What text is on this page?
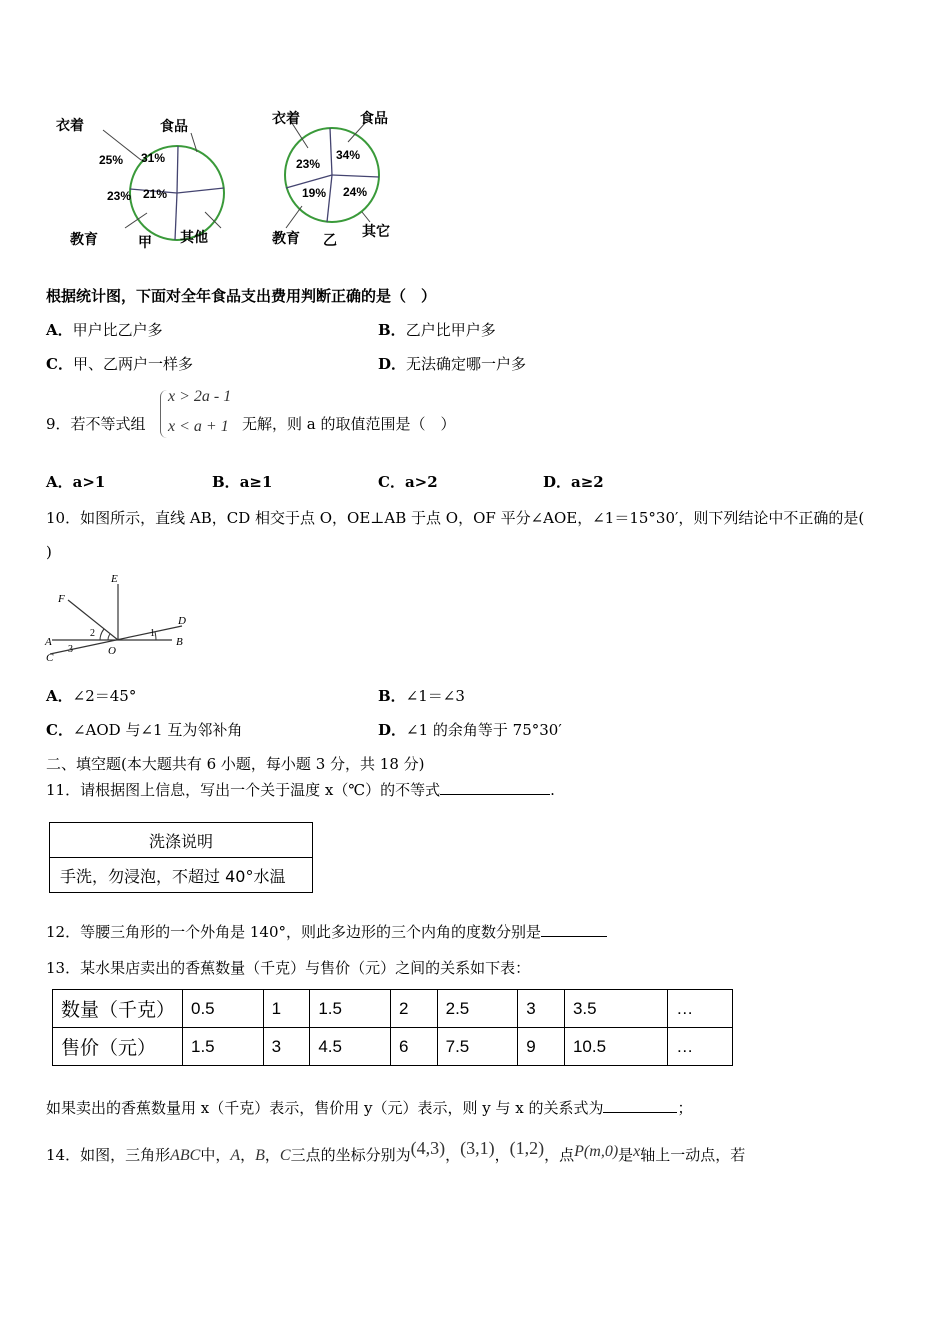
衣着	食品
教育	其他
甲
25% 31%
23% 21%
衣着	食品
教育	其它
乙
23%
34%
19% 24%
根据统计图，下面对全年食品支出费用判断正确的是（　）
A．甲户比乙户多	B．乙户比甲户多
C．甲、乙两户一样多	D．无法确定哪一户多
9．若不等式组
x > 2a - 1
x < a + 1 无解，则 a 的取值范围是（　）
A．a>1	B．a≥1	C．a>2	D．a≥2
10．如图所示，直线 AB，CD 相交于点 O，OE⊥AB 于点 O，OF 平分∠AOE，∠1＝15°30′，则下列结论中不正确的是(
)
E
F
D
A	B
C
O
1
2
3
A．∠2＝45°	B．∠1＝∠3
C．∠AOD 与∠1 互为邻补角	D．∠1 的余角等于 75°30′
二、填空题(本大题共有 6 小题，每小题 3 分，共 18 分)
11．请根据图上信息，写出一个关于温度 x（℃）的不等式	.
洗涤说明
手洗，勿浸泡，不超过 40°水温
12．等腰三角形的一个外角是 140°，则此多边形的三个内角的度数分别是
13．某水果店卖出的香蕉数量（千克）与售价（元）之间的关系如下表：
数量（千克）	0.5	1	1.5	2	2.5	3	3.5	…
售价（元）	1.5	3	4.5	6	7.5	9	10.5	…
如果卖出的香蕉数量用 x（千克）表示，售价用 y（元）表示，则 y 与 x 的关系式为	；
14．如图，三角形ABC中，A，B，C三点的坐标分别为(4,3)，(3,1)，(1,2)，点P(m,0)是x轴上一动点，若
